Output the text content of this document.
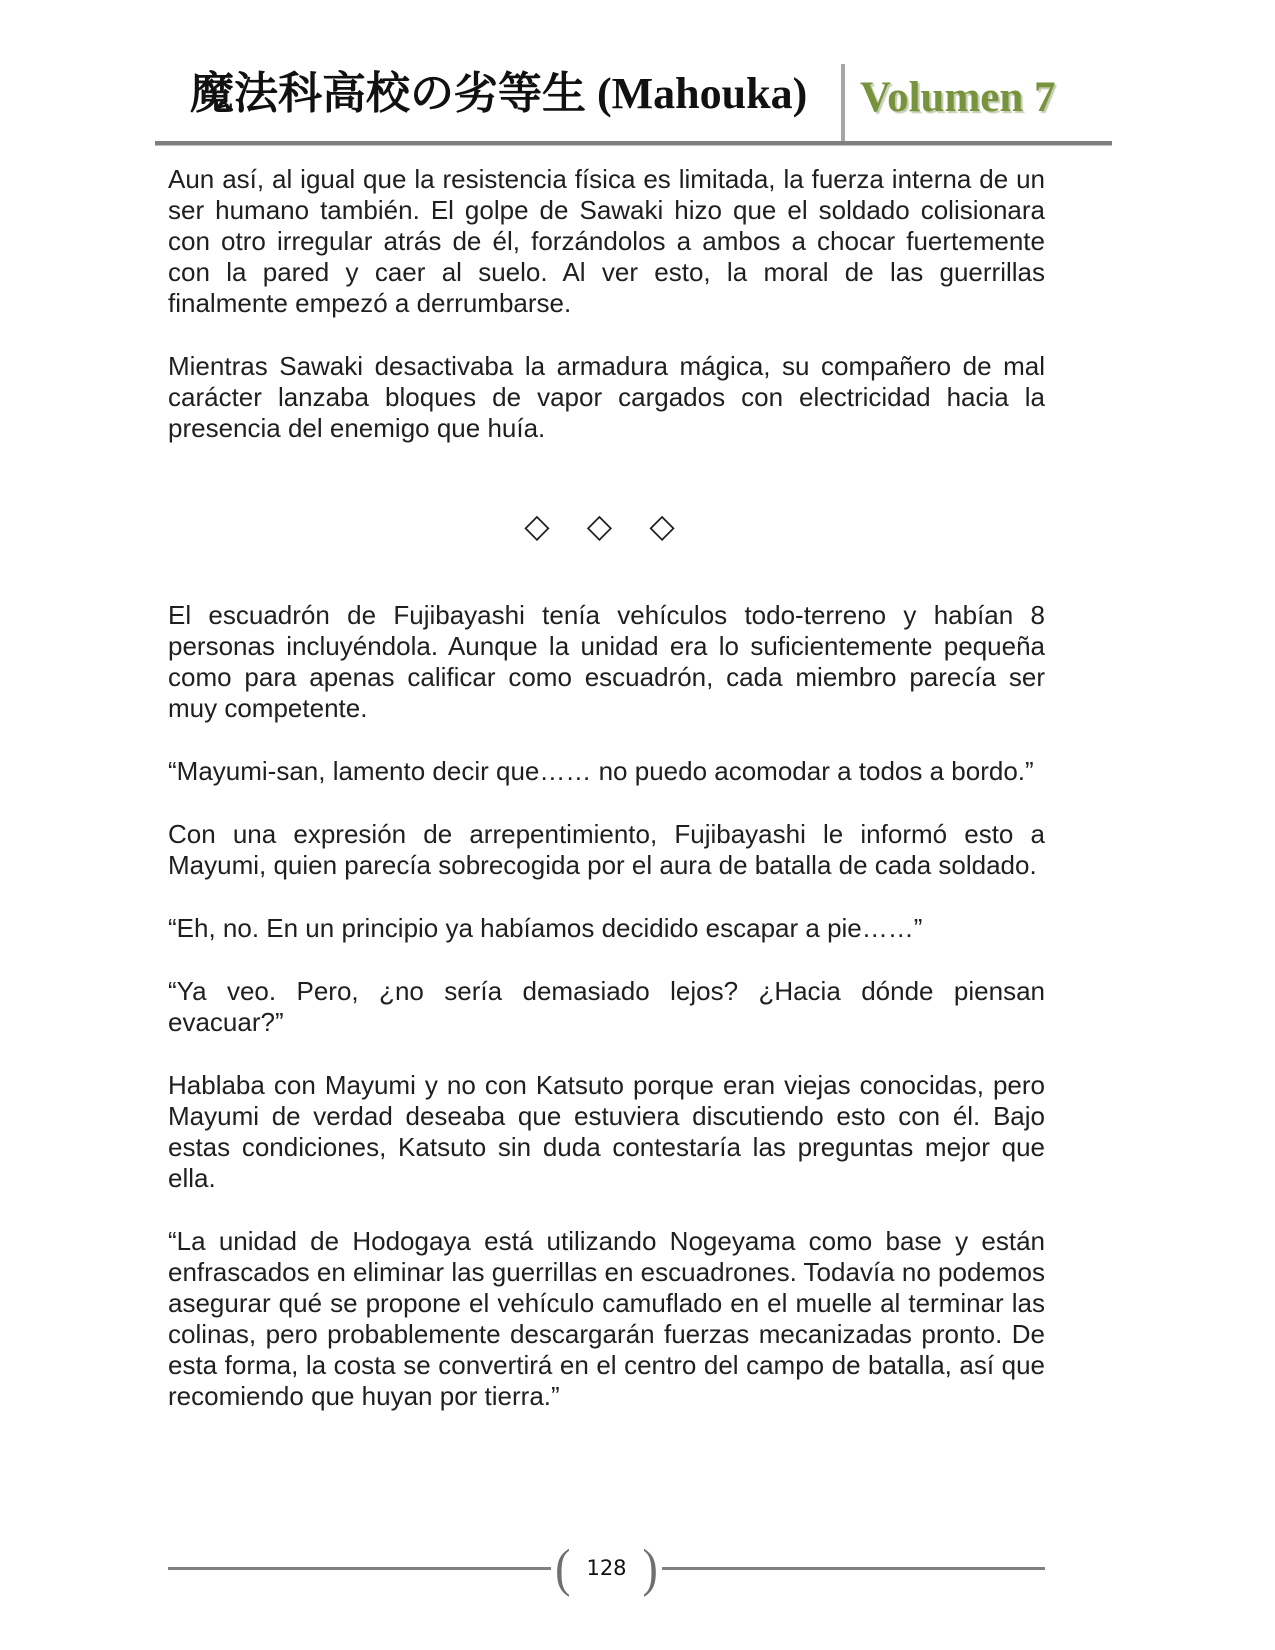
魔法科高校の劣等生 (Mahouka) Volumen 7

Aun así, al igual que la resistencia física es limitada, la fuerza interna de un ser humano también. El golpe de Sawaki hizo que el soldado colisionara con otro irregular atrás de él, forzándolos a ambos a chocar fuertemente con la pared y caer al suelo. Al ver esto, la moral de las guerrillas finalmente empezó a derrumbarse.

Mientras Sawaki desactivaba la armadura mágica, su compañero de mal carácter lanzaba bloques de vapor cargados con electricidad hacia la presencia del enemigo que huía.

◇ ◇ ◇

El escuadrón de Fujibayashi tenía vehículos todo-terreno y habían 8 personas incluyéndola. Aunque la unidad era lo suficientemente pequeña como para apenas calificar como escuadrón, cada miembro parecía ser muy competente.

“Mayumi-san, lamento decir que…… no puedo acomodar a todos a bordo.”

Con una expresión de arrepentimiento, Fujibayashi le informó esto a Mayumi, quien parecía sobrecogida por el aura de batalla de cada soldado.

“Eh, no. En un principio ya habíamos decidido escapar a pie……”

“Ya veo. Pero, ¿no sería demasiado lejos? ¿Hacia dónde piensan evacuar?”

Hablaba con Mayumi y no con Katsuto porque eran viejas conocidas, pero Mayumi de verdad deseaba que estuviera discutiendo esto con él. Bajo estas condiciones, Katsuto sin duda contestaría las preguntas mejor que ella.

“La unidad de Hodogaya está utilizando Nogeyama como base y están enfrascados en eliminar las guerrillas en escuadrones. Todavía no podemos asegurar qué se propone el vehículo camuflado en el muelle al terminar las colinas, pero probablemente descargarán fuerzas mecanizadas pronto. De esta forma, la costa se convertirá en el centro del campo de batalla, así que recomiendo que huyan por tierra.”

( 128 )
